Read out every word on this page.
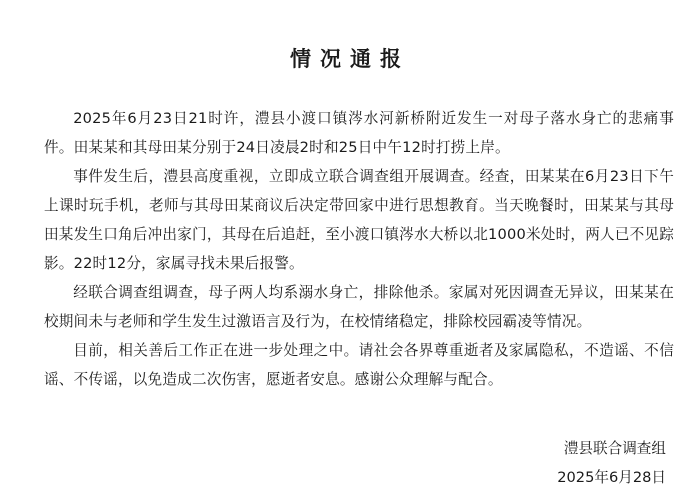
情况通报

2025年6月23日21时许，澧县小渡口镇涔水河新桥附近发生一对母子落水身亡的悲痛事件。田某某和其母田某分别于24日凌晨2时和25日中午12时打捞上岸。

事件发生后，澧县高度重视，立即成立联合调查组开展调查。经查，田某某在6月23日下午上课时玩手机，老师与其母田某商议后决定带回家中进行思想教育。当天晚餐时，田某某与其母田某发生口角后冲出家门，其母在后追赶，至小渡口镇涔水大桥以北1000米处时，两人已不见踪影。22时12分，家属寻找未果后报警。

经联合调查组调查，母子两人均系溺水身亡，排除他杀。家属对死因调查无异议，田某某在校期间未与老师和学生发生过激语言及行为，在校情绪稳定，排除校园霸凌等情况。

目前，相关善后工作正在进一步处理之中。请社会各界尊重逝者及家属隐私，不造谣、不信谣、不传谣，以免造成二次伤害，愿逝者安息。感谢公众理解与配合。

澧县联合调查组
2025年6月28日
